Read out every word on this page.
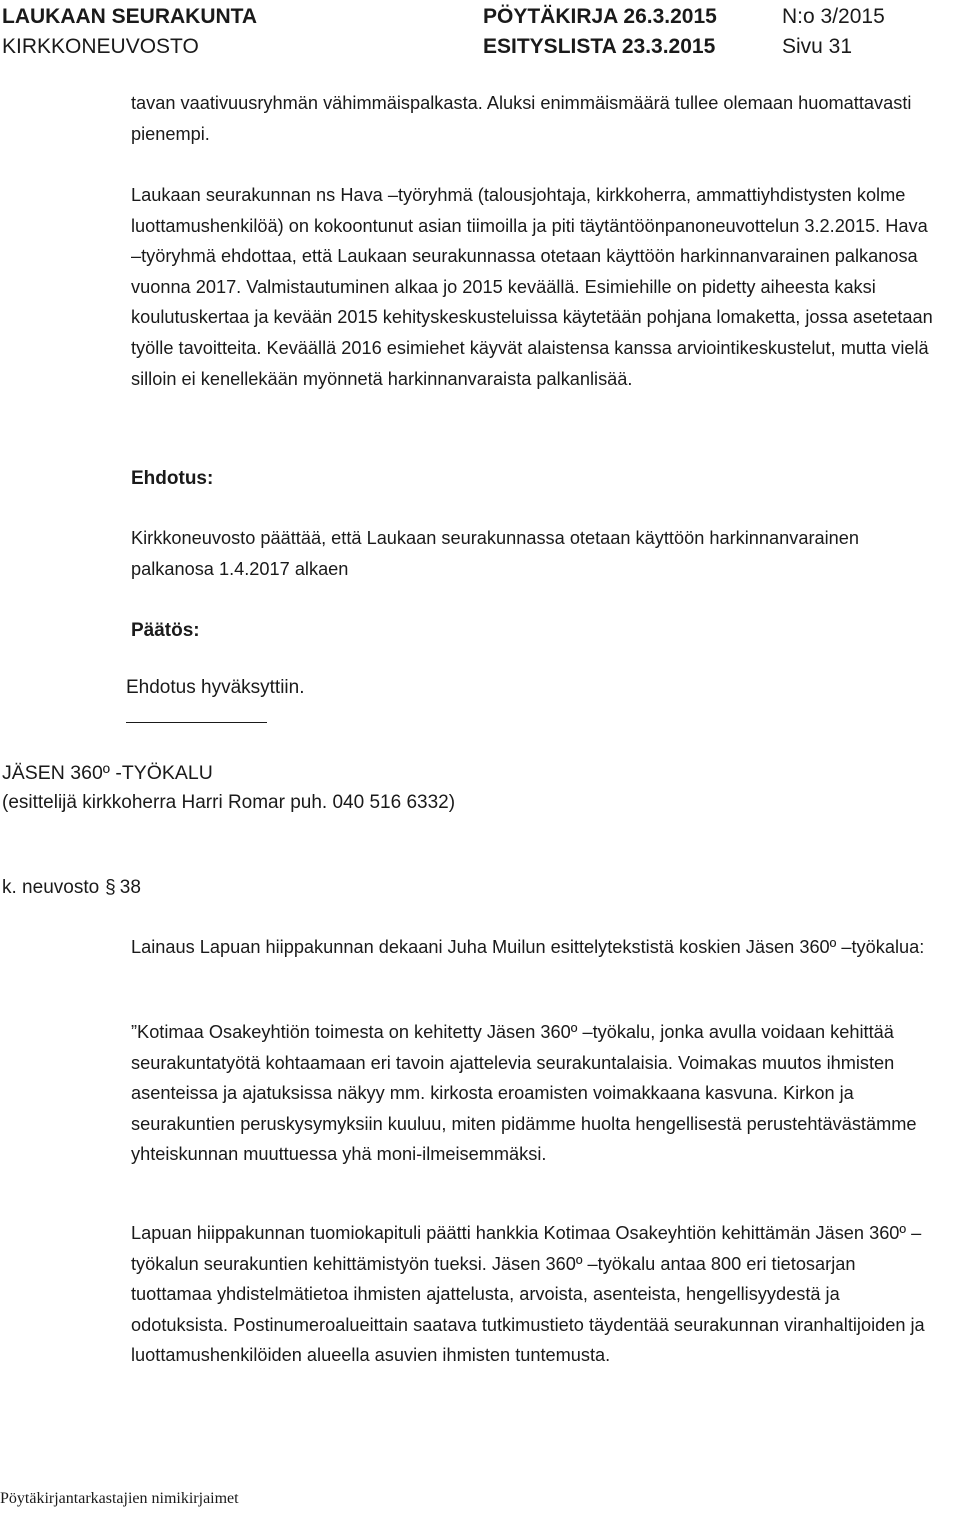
LAUKAAN SEURAKUNTA
KIRKKONEUVOSTO
PÖYTÄKIRJA 26.3.2015
ESITYSLISTA 23.3.2015
N:o 3/2015
Sivu 31

tavan vaativuusryhmän vähimmäispalkasta. Aluksi enimmäismäärä tullee olemaan huomattavasti pienempi.

Laukaan seurakunnan ns Hava –työryhmä (talousjohtaja, kirkkoherra, ammattiyhdistysten kolme luottamushenkilöä) on kokoontunut asian tiimoilla ja piti täytäntöönpanoneuvottelun 3.2.2015. Hava –työryhmä ehdottaa, että Laukaan seurakunnassa otetaan käyttöön harkinnanvarainen palkanosa vuonna 2017. Valmistautuminen alkaa jo 2015 keväällä. Esimiehille on pidetty aiheesta kaksi koulutuskertaa ja kevään 2015 kehityskeskusteluissa käytetään pohjana lomaketta, jossa asetetaan työlle tavoitteita. Keväällä 2016 esimiehet käyvät alaistensa kanssa arviointikeskustelut, mutta vielä silloin ei kenellekään myönnetä harkinnanvaraista palkanlisää.

Ehdotus:

Kirkkoneuvosto päättää, että Laukaan seurakunnassa otetaan käyttöön harkinnanvarainen palkanosa 1.4.2017 alkaen

Päätös:

Ehdotus hyväksyttiin.

JÄSEN 360º -TYÖKALU

(esittelijä kirkkoherra Harri Romar puh. 040 516 6332)

k. neuvosto § 38

Lainaus Lapuan hiippakunnan dekaani Juha Muilun esittelytekstistä koskien Jäsen 360º –työkalua:

”Kotimaa Osakeyhtiön toimesta on kehitetty Jäsen 360º –työkalu, jonka avulla voidaan kehittää seurakuntatyötä kohtaamaan eri tavoin ajattelevia seurakuntalaisia. Voimakas muutos ihmisten asenteissa ja ajatuksissa näkyy mm. kirkosta eroamisten voimakkaana kasvuna. Kirkon ja seurakuntien peruskysymyksiin kuuluu, miten pidämme huolta hengellisestä perustehtävästämme yhteiskunnan muuttuessa yhä moni-ilmeisemmäksi.

Lapuan hiippakunnan tuomiokapituli päätti hankkia Kotimaa Osakeyhtiön kehittämän Jäsen 360º –työkalun seurakuntien kehittämistyön tueksi. Jäsen 360º –työkalu antaa 800 eri tietosarjan tuottamaa yhdistelmätietoa ihmisten ajattelusta, arvoista, asenteista, hengellisyydestä ja odotuksista. Postinumeroalueittain saatava tutkimustieto täydentää seurakunnan viranhaltijoiden ja luottamushenkilöiden alueella asuvien ihmisten tuntemusta.

Pöytäkirjantarkastajien nimikirjaimet
